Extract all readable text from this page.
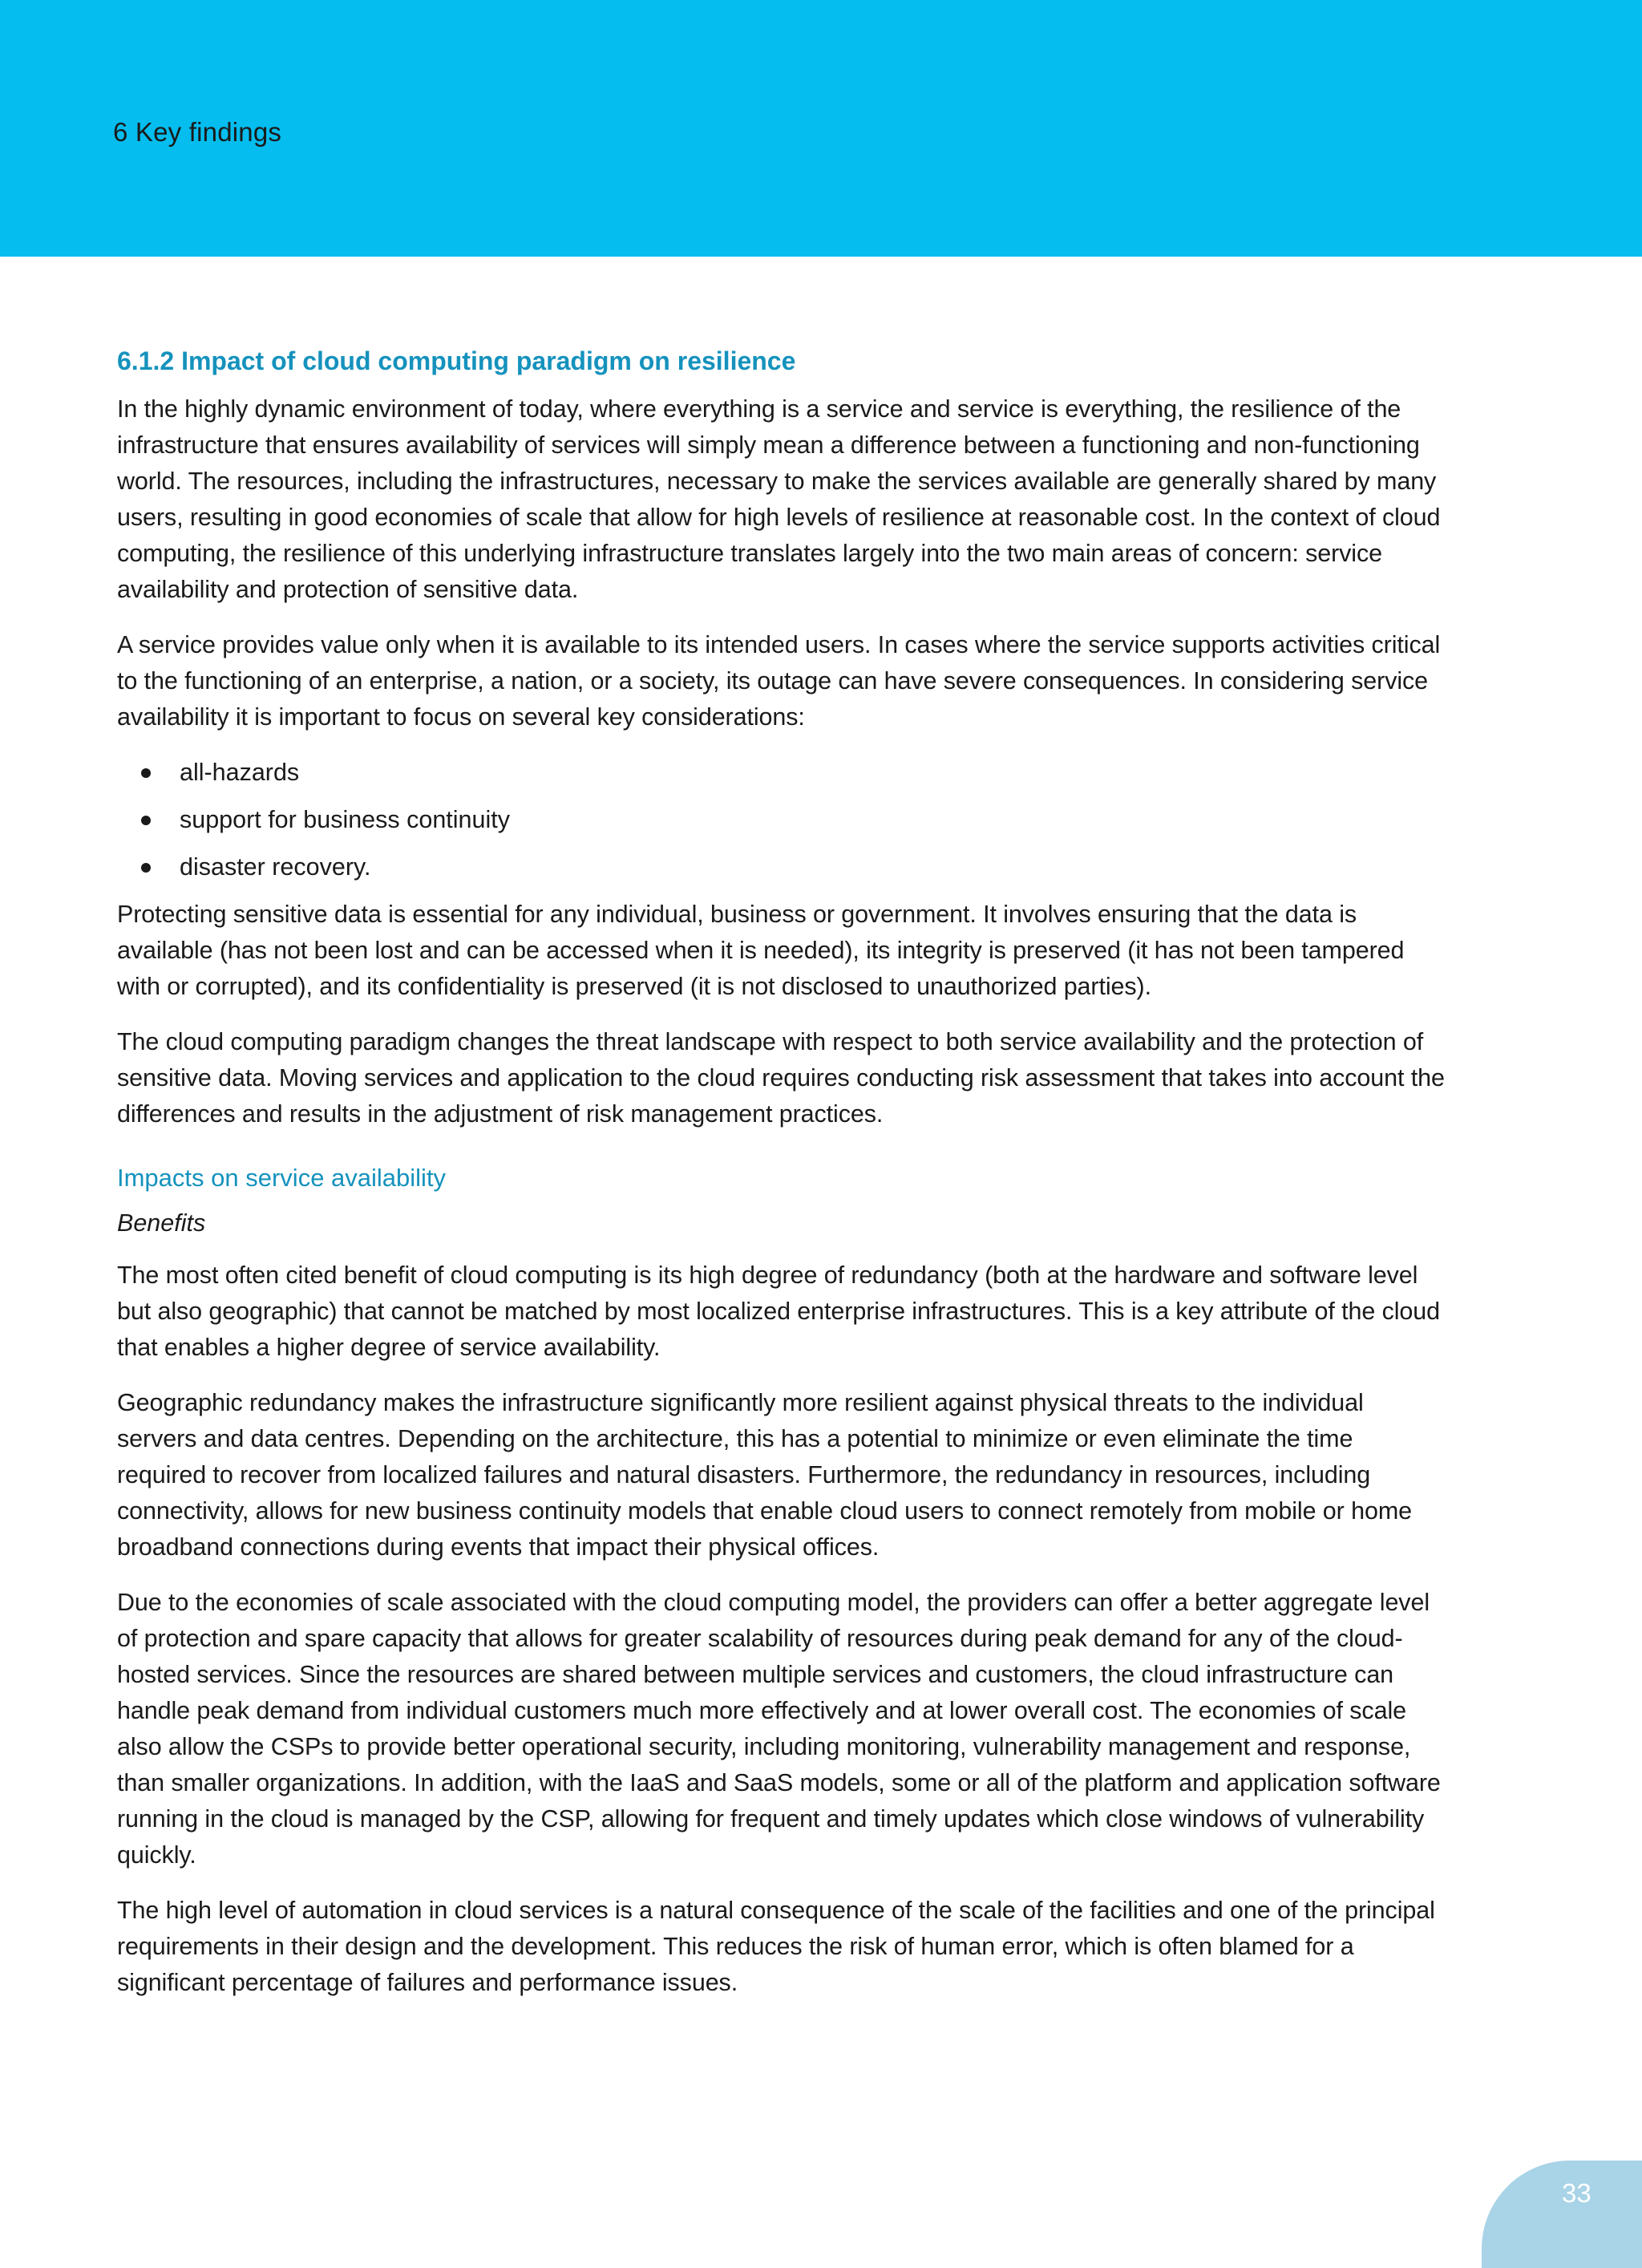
6 Key findings
6.1.2 Impact of cloud computing paradigm on resilience

In the highly dynamic environment of today, where everything is a service and service is everything, the resilience of the infrastructure that ensures availability of services will simply mean a difference between a functioning and non-functioning world. The resources, including the infrastructures, necessary to make the services available are generally shared by many users, resulting in good economies of scale that allow for high levels of resilience at reasonable cost. In the context of cloud computing, the resilience of this underlying infrastructure translates largely into the two main areas of concern: service availability and protection of sensitive data.

A service provides value only when it is available to its intended users. In cases where the service supports activities critical to the functioning of an enterprise, a nation, or a society, its outage can have severe consequences. In considering service availability it is important to focus on several key considerations:

all-hazards
support for business continuity
disaster recovery.

Protecting sensitive data is essential for any individual, business or government. It involves ensuring that the data is available (has not been lost and can be accessed when it is needed), its integrity is preserved (it has not been tampered with or corrupted), and its confidentiality is preserved (it is not disclosed to unauthorized parties).

The cloud computing paradigm changes the threat landscape with respect to both service availability and the protection of sensitive data. Moving services and application to the cloud requires conducting risk assessment that takes into account the differences and results in the adjustment of risk management practices.

Impacts on service availability
Benefits

The most often cited benefit of cloud computing is its high degree of redundancy (both at the hardware and software level but also geographic) that cannot be matched by most localized enterprise infrastructures. This is a key attribute of the cloud that enables a higher degree of service availability.

Geographic redundancy makes the infrastructure significantly more resilient against physical threats to the individual servers and data centres. Depending on the architecture, this has a potential to minimize or even eliminate the time required to recover from localized failures and natural disasters. Furthermore, the redundancy in resources, including connectivity, allows for new business continuity models that enable cloud users to connect remotely from mobile or home broadband connections during events that impact their physical offices.

Due to the economies of scale associated with the cloud computing model, the providers can offer a better aggregate level of protection and spare capacity that allows for greater scalability of resources during peak demand for any of the cloud-hosted services. Since the resources are shared between multiple services and customers, the cloud infrastructure can handle peak demand from individual customers much more effectively and at lower overall cost. The economies of scale also allow the CSPs to provide better operational security, including monitoring, vulnerability management and response, than smaller organizations. In addition, with the IaaS and SaaS models, some or all of the platform and application software running in the cloud is managed by the CSP, allowing for frequent and timely updates which close windows of vulnerability quickly.

The high level of automation in cloud services is a natural consequence of the scale of the facilities and one of the principal requirements in their design and the development. This reduces the risk of human error, which is often blamed for a significant percentage of failures and performance issues.

33
